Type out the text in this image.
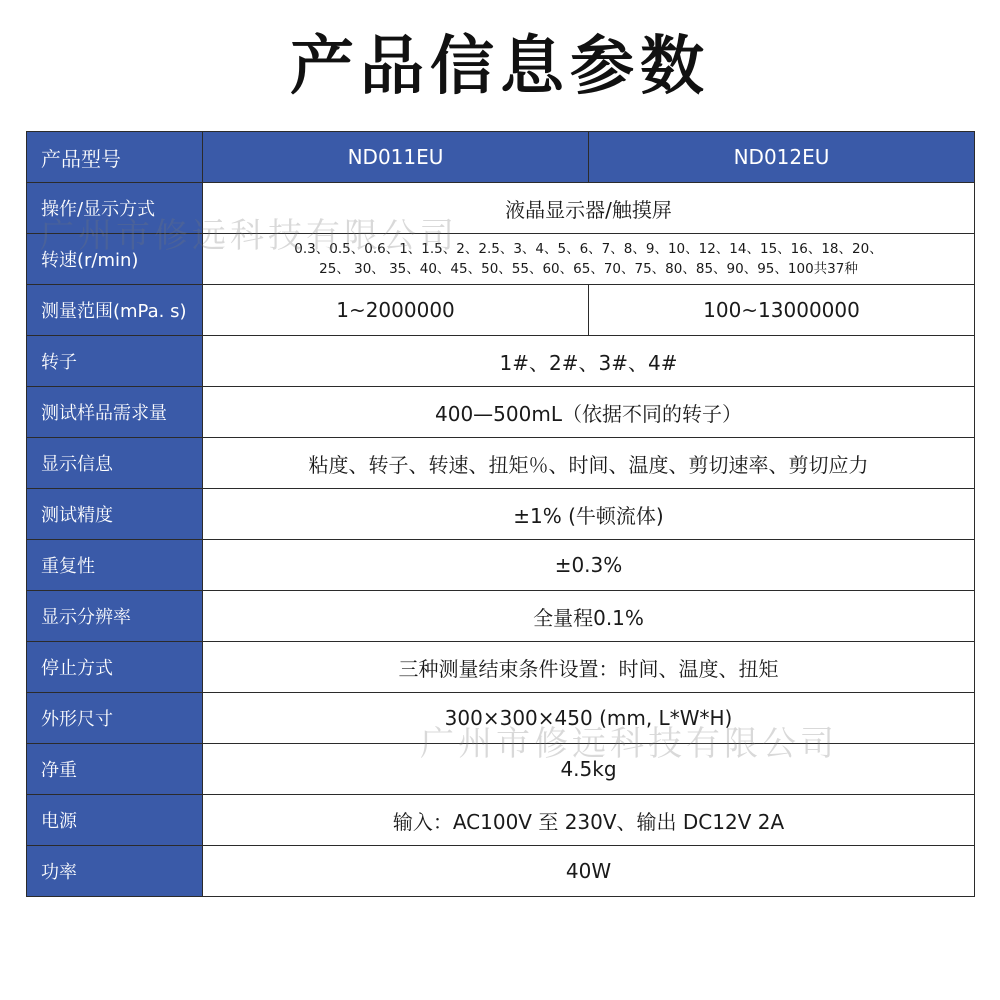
产品信息参数
产品型号	ND011EU	ND012EU
操作/显示方式	液晶显示器/触摸屏	
转速(r/min)	0.3、0.5、0.6、1、1.5、2、2.5、3、4、5、6、7、8、9、10、12、14、15、16、18、20、
25、 30、 35、40、45、50、55、60、65、70、75、80、85、90、95、100共37种	

测量范围(mPa. s)	1~2000000	100~13000000
转子	1#、2#、3#、4#	
测试样品需求量	400—500mL（依据不同的转子）	
显示信息	粘度、转子、转速、扭矩％、时间、温度、剪切速率、剪切应力	
测试精度	±1% (牛顿流体)	
重复性	±0.3%	
显示分辨率	全量程0.1%	
停止方式	三种测量结束条件设置：时间、温度、扭矩	
外形尺寸	300×300×450 (mm, L*W*H)	
净重	4.5kg	
电源	输入：AC100V 至 230V、输出 DC12V 2A	
功率	40W	
广州市修远科技有限公司
广州市修远科技有限公司
